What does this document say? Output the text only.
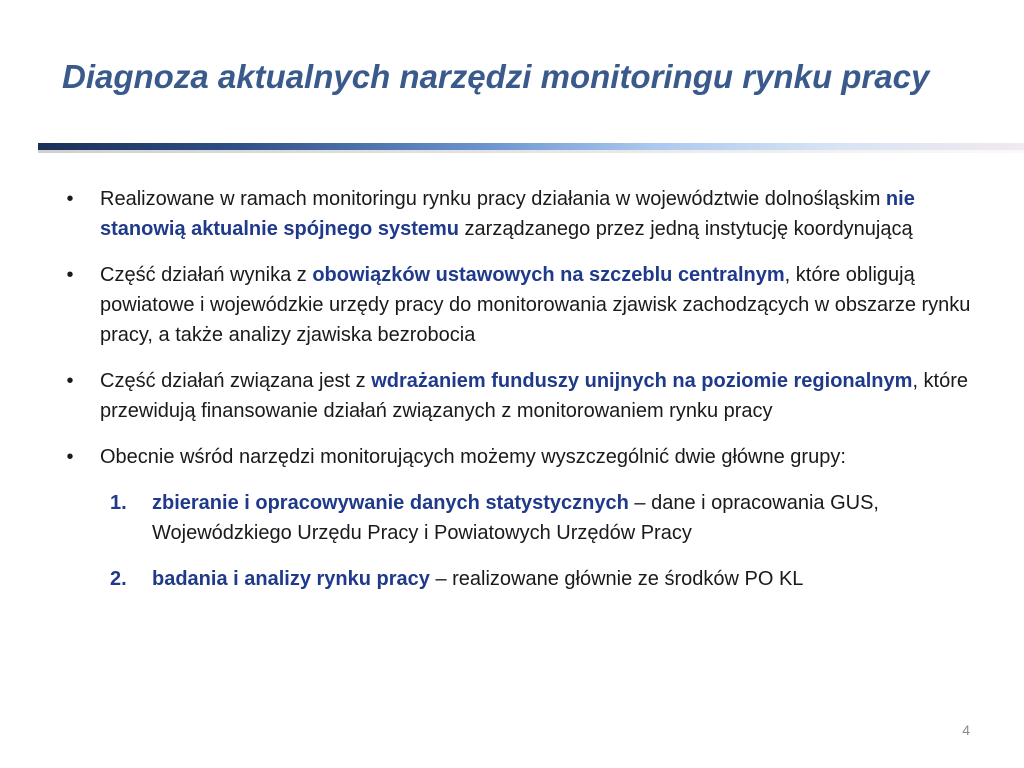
Diagnoza aktualnych narzędzi monitoringu rynku pracy
•	Realizowane w ramach monitoringu rynku pracy działania w województwie dolnośląskim nie stanowią aktualnie spójnego systemu zarządzanego przez jedną instytucję koordynującą
•	Część działań wynika z obowiązków ustawowych na szczeblu centralnym, które obligują powiatowe i wojewódzkie urzędy pracy do monitorowania zjawisk zachodzących w obszarze rynku pracy, a także analizy zjawiska bezrobocia
•	Część działań związana jest z wdrażaniem funduszy unijnych na poziomie regionalnym, które przewidują finansowanie działań związanych z monitorowaniem rynku pracy
•	Obecnie wśród narzędzi monitorujących możemy wyszczególnić dwie główne grupy:
1. zbieranie i opracowywanie danych statystycznych – dane i opracowania GUS, Wojewódzkiego Urzędu Pracy i Powiatowych Urzędów Pracy
2. badania i analizy rynku pracy – realizowane głównie ze środków PO KL
4
